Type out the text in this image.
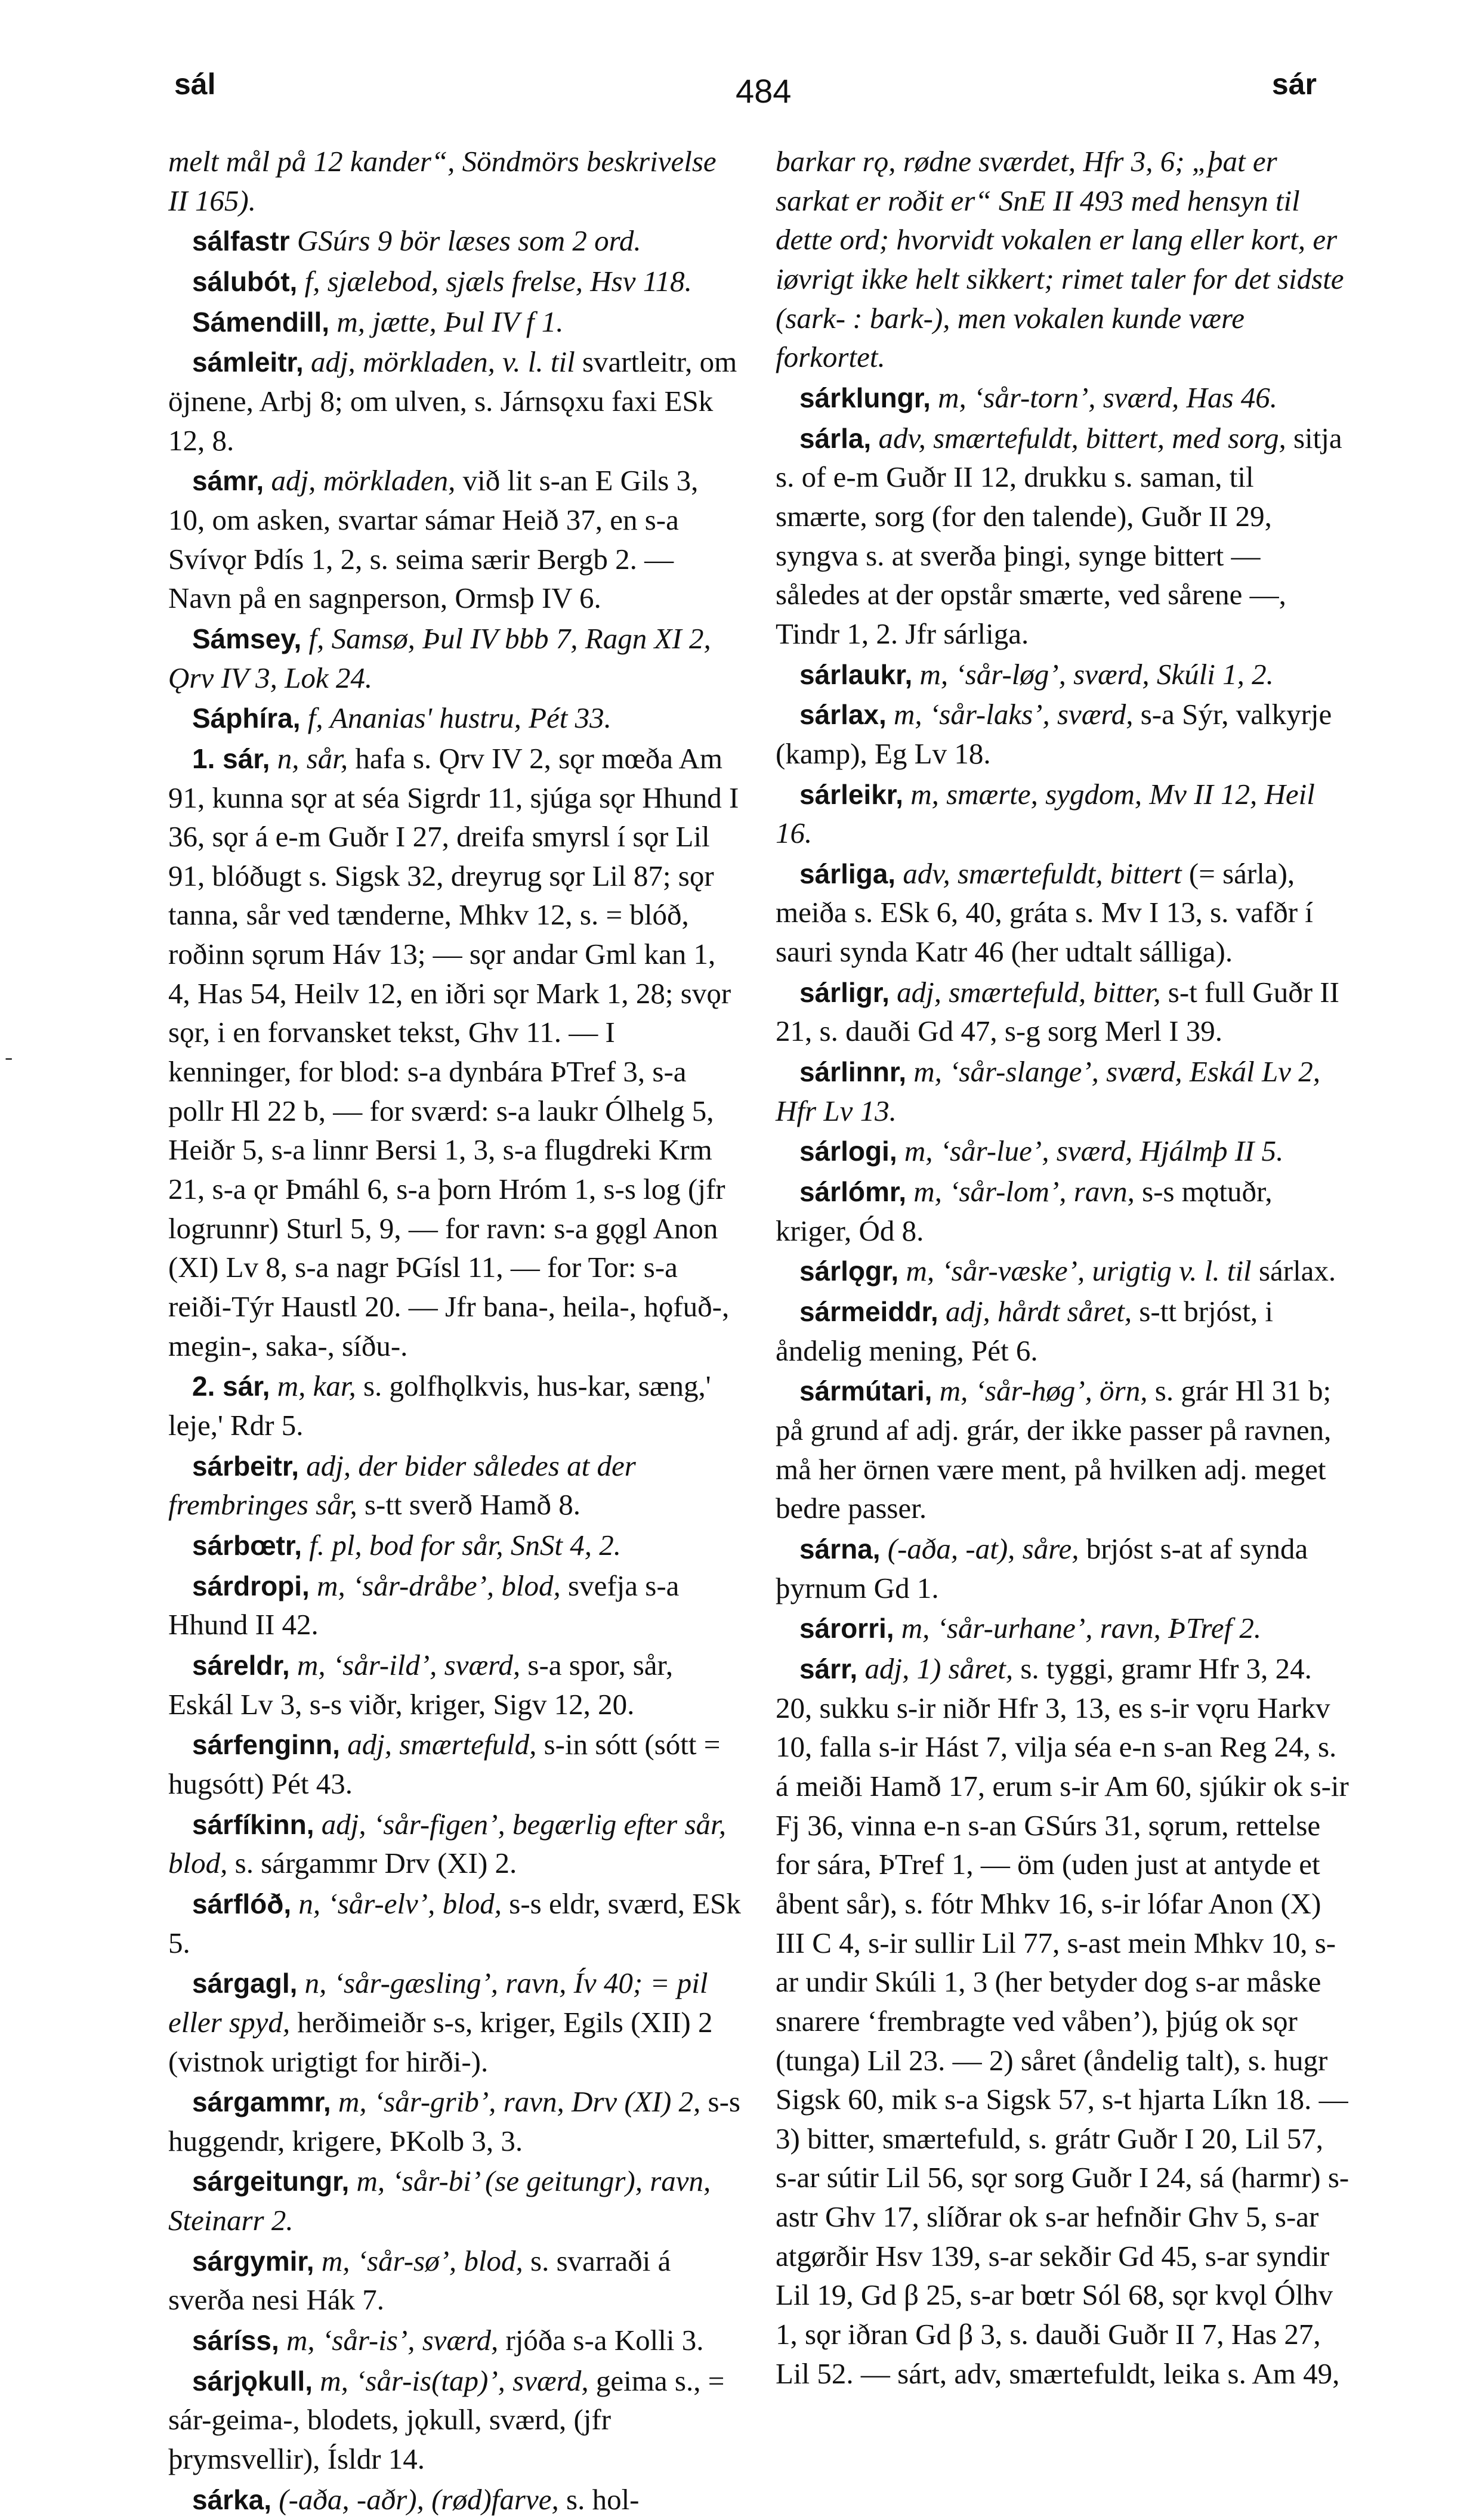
sál	484	sár
-

melt mål på 12 kander“, Söndmörs beskrivelse II 165).

sálfastr GSúrs 9 bör læses som 2 ord.

sálubót, f, sjælebod, sjæls frelse, Hsv 118.

Sámendill, m, jætte, Þul IV f 1.

sámleitr, adj, mörkladen, v. l. til svartleitr, om öjnene, Arbj 8; om ulven, s. Járnsǫxu faxi ESk 12, 8.

sámr, adj, mörkladen, við lit s-an E Gils 3, 10, om asken, svartar sámar Heið 37, en s-a Svívǫr Þdís 1, 2, s. seima særir Bergb 2. — Navn på en sagnperson, Ormsþ IV 6.

Sámsey, f, Samsø, Þul IV bbb 7, Ragn XI 2, Ǫrv IV 3, Lok 24.

Sáphíra, f, Ananias' hustru, Pét 33.

1. sár, n, sår, hafa s. Ǫrv IV 2, sǫr mœða Am 91, kunna sǫr at séa Sigrdr 11, sjúga sǫr Hhund I 36, sǫr á e-m Guðr I 27, dreifa smyrsl í sǫr Lil 91, blóðugt s. Sigsk 32, dreyrug sǫr Lil 87; sǫr tanna, sår ved tænderne, Mhkv 12, s. = blóð, roðinn sǫrum Háv 13; — sǫr andar Gml kan 1, 4, Has 54, Heilv 12, en iðri sǫr Mark 1, 28; svǫr sǫr, i en forvansket tekst, Ghv 11. — I kenninger, for blod: s-a dynbára ÞTref 3, s-a pollr Hl 22 b, — for sværd: s-a laukr Ólhelg 5, Heiðr 5, s-a linnr Bersi 1, 3, s-a flugdreki Krm 21, s-a ǫr Þmáhl 6, s-a þorn Hróm 1, s-s log (jfr logrunnr) Sturl 5, 9, — for ravn: s-a gǫgl Anon (XI) Lv 8, s-a nagr ÞGísl 11, — for Tor: s-a reiði-Týr Haustl 20. — Jfr bana-, heila-, hǫfuð-, megin-, saka-, síðu-.

2. sár, m, kar, s. golfhǫlkvis, hus-kar, sæng,' leje,' Rdr 5.

sárbeitr, adj, der bider således at der frembringes sår, s-tt sverð Hamð 8.

sárbœtr, f. pl, bod for sår, SnSt 4, 2.

sárdropi, m, ‘sår-dråbe’, blod, svefja s-a Hhund II 42.

sáreldr, m, ‘sår-ild’, sværd, s-a spor, sår, Eskál Lv 3, s-s viðr, kriger, Sigv 12, 20.

sárfenginn, adj, smærtefuld, s-in sótt (sótt = hugsótt) Pét 43.

sárfíkinn, adj, ‘sår-figen’, begærlig efter sår, blod, s. sárgammr Drv (XI) 2.

sárflóð, n, ‘sår-elv’, blod, s-s eldr, sværd, ESk 5.

sárgagl, n, ‘sår-gæsling’, ravn, Ív 40; = pil eller spyd, herðimeiðr s-s, kriger, Egils (XII) 2 (vistnok urigtigt for hirði-).

sárgammr, m, ‘sår-grib’, ravn, Drv (XI) 2, s-s huggendr, krigere, ÞKolb 3, 3.

sárgeitungr, m, ‘sår-bi’ (se geitungr), ravn, Steinarr 2.

sárgymir, m, ‘sår-sø’, blod, s. svarraði á sverða nesi Hák 7.

sáríss, m, ‘sår-is’, sværd, rjóða s-a Kolli 3.

sárjǫkull, m, ‘sår-is(tap)’, sværd, geima s., = sár-geima-, blodets, jǫkull, sværd, (jfr þrymsvellir), Ísldr 14.

sárka, (-aða, -aðr), (rød)farve, s. hol-

barkar rǫ, rødne sværdet, Hfr 3, 6; „þat er sarkat er roðit er“ SnE II 493 med hensyn til dette ord; hvorvidt vokalen er lang eller kort, er iøvrigt ikke helt sikkert; rimet taler for det sidste (sark- : bark-), men vokalen kunde være forkortet.

sárklungr, m, ‘sår-torn’, sværd, Has 46.

sárla, adv, smærtefuldt, bittert, med sorg, sitja s. of e-m Guðr II 12, drukku s. saman, til smærte, sorg (for den talende), Guðr II 29, syngva s. at sverða þingi, synge bittert — således at der opstår smærte, ved sårene —, Tindr 1, 2. Jfr sárliga.

sárlaukr, m, ‘sår-løg’, sværd, Skúli 1, 2.

sárlax, m, ‘sår-laks’, sværd, s-a Sýr, valkyrje (kamp), Eg Lv 18.

sárleikr, m, smærte, sygdom, Mv II 12, Heil 16.

sárliga, adv, smærtefuldt, bittert (= sárla), meiða s. ESk 6, 40, gráta s. Mv I 13, s. vafðr í sauri synda Katr 46 (her udtalt sálliga).

sárligr, adj, smærtefuld, bitter, s-t full Guðr II 21, s. dauði Gd 47, s-g sorg Merl I 39.

sárlinnr, m, ‘sår-slange’, sværd, Eskál Lv 2, Hfr Lv 13.

sárlogi, m, ‘sår-lue’, sværd, Hjálmþ II 5.

sárlómr, m, ‘sår-lom’, ravn, s-s mǫtuðr, kriger, Ód 8.

sárlǫgr, m, ‘sår-væske’, urigtig v. l. til sárlax.

sármeiddr, adj, hårdt såret, s-tt brjóst, i åndelig mening, Pét 6.

sármútari, m, ‘sår-høg’, örn, s. grár Hl 31 b; på grund af adj. grár, der ikke passer på ravnen, må her örnen være ment, på hvilken adj. meget bedre passer.

sárna, (-aða, -at), såre, brjóst s-at af synda þyrnum Gd 1.

sárorri, m, ‘sår-urhane’, ravn, ÞTref 2.

sárr, adj, 1) såret, s. tyggi, gramr Hfr 3, 24. 20, sukku s-ir niðr Hfr 3, 13, es s-ir vǫru Harkv 10, falla s-ir Hást 7, vilja séa e-n s-an Reg 24, s. á meiði Hamð 17, erum s-ir Am 60, sjúkir ok s-ir Fj 36, vinna e-n s-an GSúrs 31, sǫrum, rettelse for sára, ÞTref 1, — öm (uden just at antyde et åbent sår), s. fótr Mhkv 16, s-ir lófar Anon (X) III C 4, s-ir sullir Lil 77, s-ast mein Mhkv 10, s-ar undir Skúli 1, 3 (her betyder dog s-ar måske snarere ‘frembragte ved våben’), þjúg ok sǫr (tunga) Lil 23. — 2) såret (åndelig talt), s. hugr Sigsk 60, mik s-a Sigsk 57, s-t hjarta Líkn 18. — 3) bitter, smærtefuld, s. grátr Guðr I 20, Lil 57, s-ar sútir Lil 56, sǫr sorg Guðr I 24, sá (harmr) s-astr Ghv 17, slíðrar ok s-ar hefnðir Ghv 5, s-ar atgørðir Hsv 139, s-ar sekðir Gd 45, s-ar syndir Lil 19, Gd β 25, s-ar bœtr Sól 68, sǫr kvǫl Ólhv 1, sǫr iðran Gd β 3, s. dauði Guðr II 7, Has 27, Lil 52. — sárt, adv, smærtefuldt, leika s. Am 49,
